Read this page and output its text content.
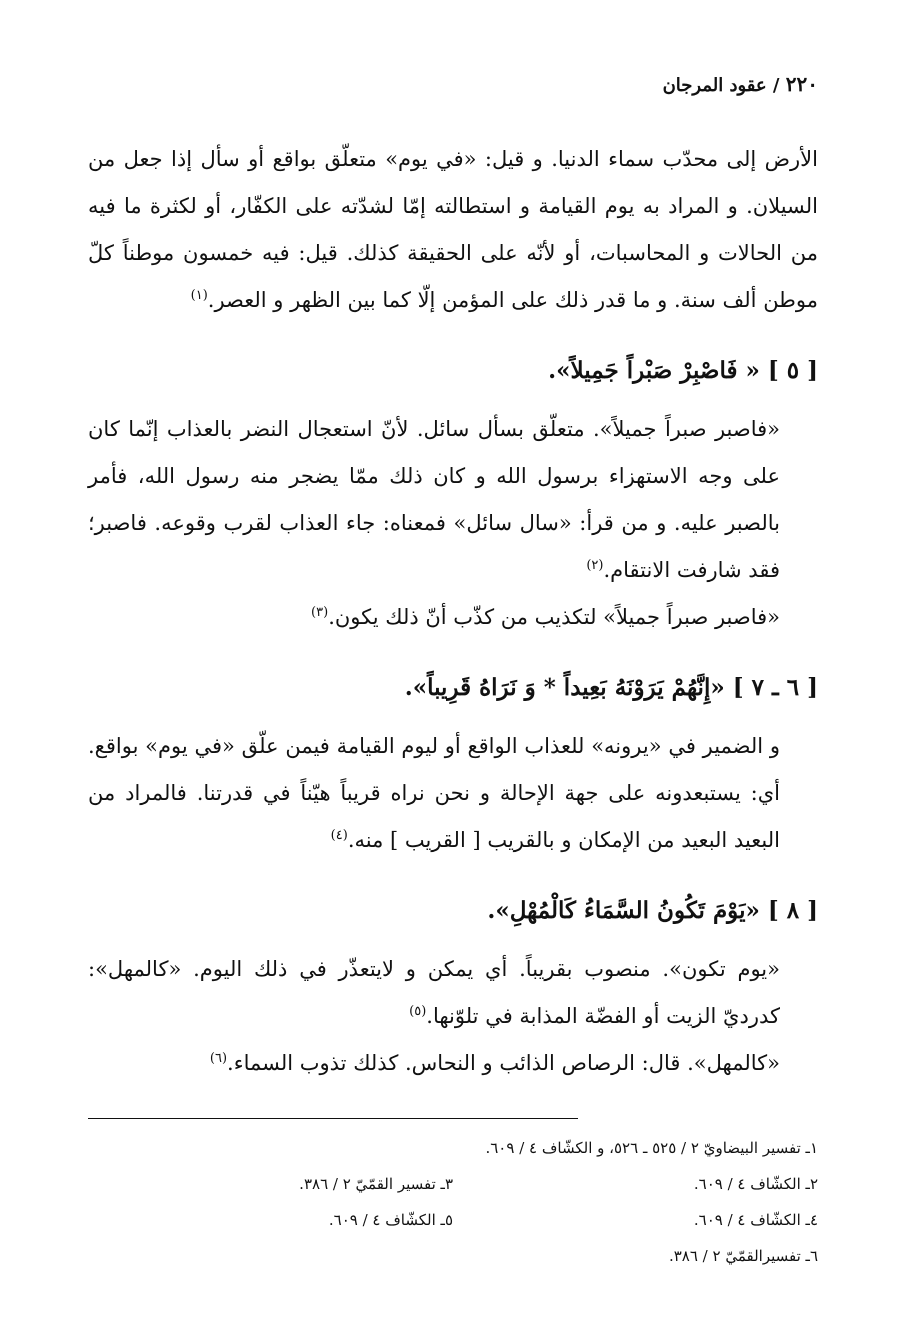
٢٢٠ / عقود المرجان

الأرض إلى محدّب سماء الدنيا. و قيل: «في يوم» متعلّق بواقع أو سأل إذا جعل من السيلان. و المراد به يوم القيامة و استطالته إمّا لشدّته على الكفّار، أو لكثرة ما فيه من الحالات و المحاسبات، أو لأنّه على الحقيقة كذلك. قيل: فيه خمسون موطناً كلّ موطن ألف سنة. و ما قدر ذلك على المؤمن إلّا كما بين الظهر و العصر.$^{(١)}$

[ ٥ ] « فَاصْبِرْ صَبْراً جَمِيلاً».

«فاصبر صبراً جميلاً». متعلّق بسأل سائل. لأنّ استعجال النضر بالعذاب إنّما كان على وجه الاستهزاء برسول الله و كان ذلك ممّا يضجر منه رسول الله، فأمر بالصبر عليه. و من قرأ: «سال سائل» فمعناه: جاء العذاب لقرب وقوعه. فاصبر؛ فقد شارفت الانتقام.$^{(٢)}$

«فاصبر صبراً جميلاً» لتكذيب من كذّب أنّ ذلك يكون.$^{(٣)}$

[ ٦ ـ ٧ ] «إِنَّهُمْ يَرَوْنَهُ بَعِيداً * وَ نَرَاهُ قَرِيباً».

و الضمير في «يرونه» للعذاب الواقع أو ليوم القيامة فيمن علّق «في يوم» بواقع. أي: يستبعدونه على جهة الإحالة و نحن نراه قريباً هيّناً في قدرتنا. فالمراد من البعيد البعيد من الإمكان و بالقريب [ القريب ] منه.$^{(٤)}$

[ ٨ ] «يَوْمَ تَكُونُ السَّمَاءُ كَالْمُهْلِ».

«يوم تكون». منصوب بقريباً. أي يمكن و لايتعذّر في ذلك اليوم. «كالمهل»: كدرديّ الزيت أو الفضّة المذابة في تلوّنها.$^{(٥)}$

«كالمهل». قال: الرصاص الذائب و النحاس. كذلك تذوب السماء.$^{(٦)}$

١ـ تفسير البيضاويّ ٢ / ٥٢٥ ـ ٥٢٦، و الكشّاف ٤ / ٦٠٩.
٢ـ الكشّاف ٤ / ٦٠٩.
٣ـ تفسير القمّيّ ٢ / ٣٨٦.
٤ـ الكشّاف ٤ / ٦٠٩.
٥ـ الكشّاف ٤ / ٦٠٩.
٦ـ تفسيرالقمّيّ ٢ / ٣٨٦.
